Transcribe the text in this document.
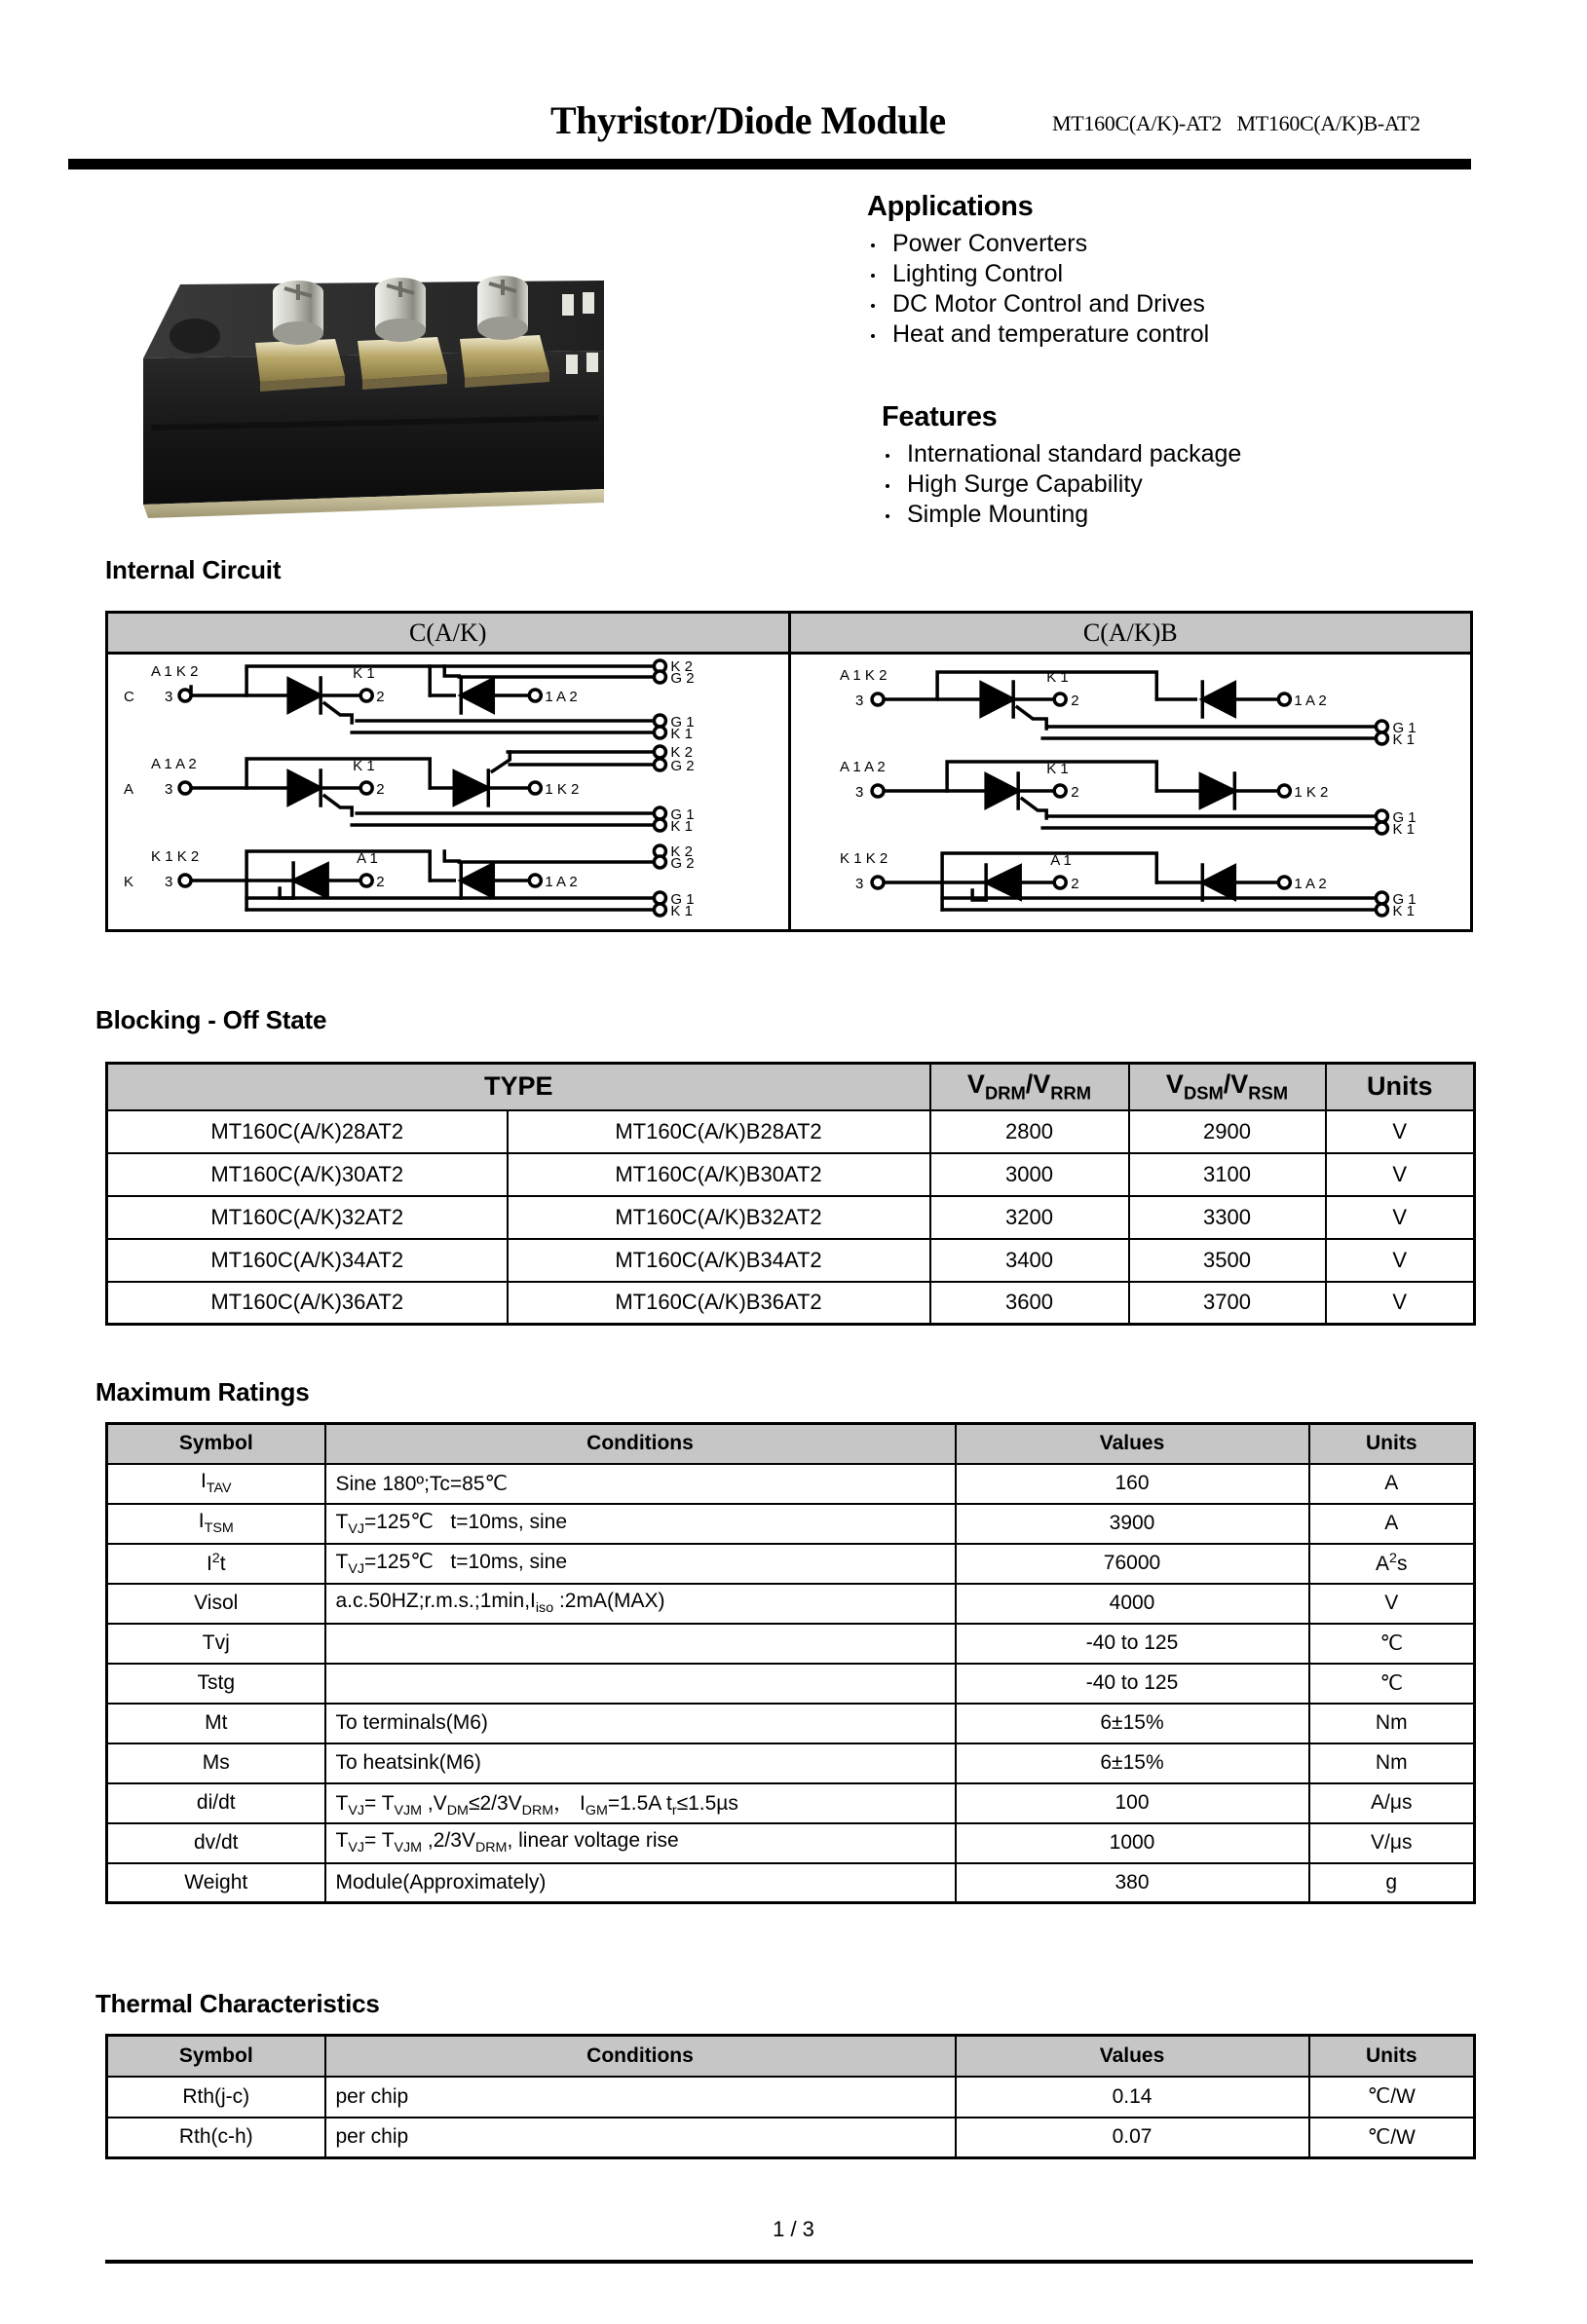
Thyristor/Diode Module	MT160C(A/K)-AT2   MT160C(A/K)B-AT2
Applications
Power Converters
Lighting Control
DC Motor Control and Drives
Heat and temperature control
Features
International standard package
High Surge Capability
Simple Mounting
Internal Circuit
C(A/K)	C(A/K)B
C
A
K
A 1 K 2
3
A 1 A 2
3
K 1 K 2
3
K 1
2
K 1
2
A 1
2
1 A 2
1 K 2
1 A 2
K 2
G 2
G 1
K 1
K 2
G 2
G 1
K 1
K 2
G 2
G 1
K 1
A 1 K 2
3
A 1 A 2
3
K 1 K 2
3
K 1
2
K 1
2
A 1
2
1 A 2
1 K 2
1 A 2
G 1
K 1
G 1
K 1
G 1
K 1
Blocking - Off State
TYPE		$V_{DRM}/V_{RRM}$	$V_{DSM}/V_{RSM}$	Units
MT160C(A/K)28AT2	MT160C(A/K)B28AT2	2800	2900	V
MT160C(A/K)30AT2	MT160C(A/K)B30AT2	3000	3100	V
MT160C(A/K)32AT2	MT160C(A/K)B32AT2	3200	3300	V
MT160C(A/K)34AT2	MT160C(A/K)B34AT2	3400	3500	V
MT160C(A/K)36AT2	MT160C(A/K)B36AT2	3600	3700	V
Maximum Ratings
Symbol	Conditions	Values	Units
$I_{TAV}$	Sine 180º;Tc=85℃	160	A
$I_{TSM}$	$T_{VJ}=125℃$   t=10ms, sine	3900	A
$I^2t$	$T_{VJ}=125℃$   t=10ms, sine	76000	$A^2s$
Visol	$a.c.50HZ;r.m.s.;1\min,I_{iso}$ :2mA(MAX)	4000	V
Tvj		-40 to 125	℃
Tstg		-40 to 125	℃
Mt	To terminals(M6)	6±15%	Nm
Ms	To heatsink(M6)	6±15%	Nm
di/dt	$T_{VJ}= T_{VJM}$ $,V_{DM}\le 2/3V_{DRM}$， $I_{GM}=1.5A$ $t_r\le 1.5\mu s$	100	A/μs
dv/dt	$T_{VJ}= T_{VJM}$ $,2/3V_{DRM}$, linear voltage rise	1000	V/μs
Weight	Module(Approximately)	380	g
Thermal Characteristics
Symbol	Conditions	Values	Units
Rth(j-c)	per chip	0.14	℃/W
Rth(c-h)	per chip	0.07	℃/W
1 / 3
